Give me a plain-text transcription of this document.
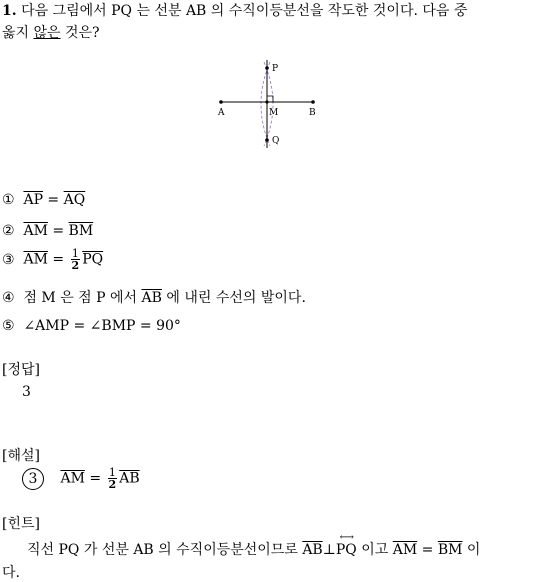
1. 다음 그림에서 PQ 는 선분 AB 의 수직이등분선을 작도한 것이다. 다음 중
옳지 않은 것은?
A	B
M
P
Q
① $\overline{AP} = \overline{AQ}$
② $\overline{AM} = \overline{BM}$
③ $\overline{AM} = \frac{1}{2} \overline{PQ}$
④ 점 M 은 점 P 에서 $\overline{AB}$ 에 내린 수선의 발이다.
⑤ ∠AMP = ∠BMP = 90°
[정답]
3
[해설]
3 $\overline{AM} = \frac{1}{2} \overline{AB}$
[힌트]
직선 PQ 가 선분 AB 의 수직이등분선이므로 $\overline{AB}\perp$
⟷
PQ 이고 $\overline{AM} = \overline{BM}$ 이
다.
